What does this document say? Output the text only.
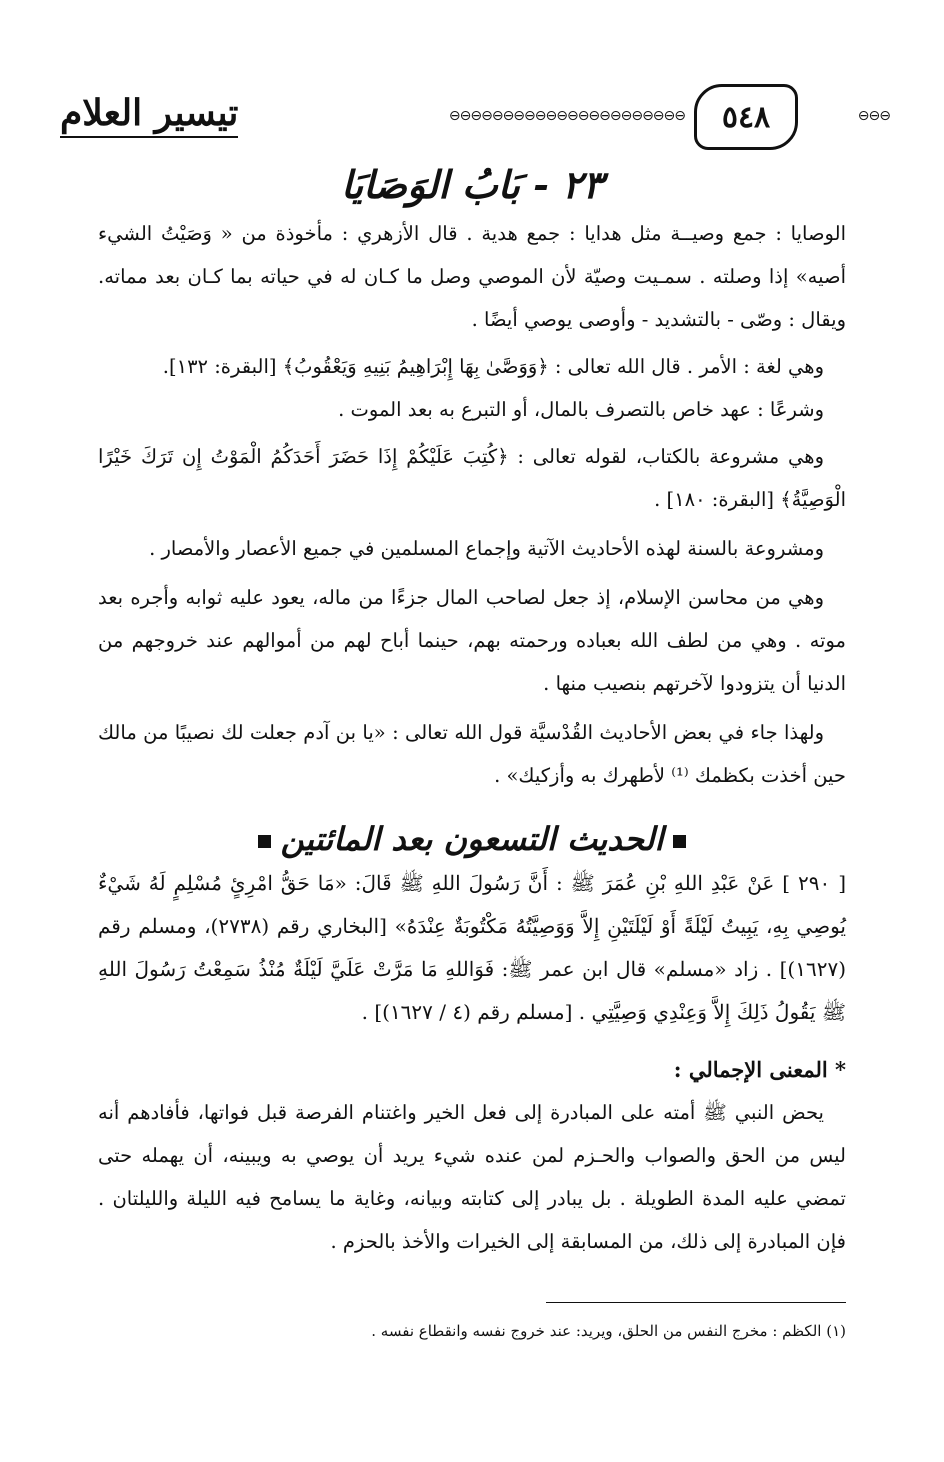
⊖⊖⊖
٥٤٨
⊖⊖⊖⊖⊖⊖⊖⊖⊖⊖⊖⊖⊖⊖⊖⊖⊖⊖⊖⊖⊖⊖
تيسير العلام
٢٣ - بَابُ الوَصَايَا

الوصايا : جمع وصيــة مثل هدايا : جمع هدية . قال الأزهري : مأخوذة من « وَصَيْتُ الشيء أصيه» إذا وصلته . سمـيت وصيّة لأن الموصي وصل ما كـان له في حياته بما كـان بعد مماته. ويقال : وصّى - بالتشديد - وأوصى يوصي أيضًا .

وهي لغة : الأمر . قال الله تعالى : ﴿وَوَصَّىٰ بِهَا إِبْرَاهِيمُ بَنِيهِ وَيَعْقُوبُ﴾ [البقرة: ١٣٢].

وشرعًا : عهد خاص بالتصرف بالمال، أو التبرع به بعد الموت .

وهي مشروعة بالكتاب، لقوله تعالى : ﴿كُتِبَ عَلَيْكُمْ إِذَا حَضَرَ أَحَدَكُمُ الْمَوْتُ إِن تَرَكَ خَيْرًا الْوَصِيَّةُ﴾ [البقرة: ١٨٠] .

ومشروعة بالسنة لهذه الأحاديث الآتية وإجماع المسلمين في جميع الأعصار والأمصار .

وهي من محاسن الإسلام، إذ جعل لصاحب المال جزءًا من ماله، يعود عليه ثوابه وأجره بعد موته . وهي من لطف الله بعباده ورحمته بهم، حينما أباح لهم من أموالهم عند خروجهم من الدنيا أن يتزودوا لآخرتهم بنصيب منها .

ولهذا جاء في بعض الأحاديث القُدْسيَّة قول الله تعالى : «يا بن آدم جعلت لك نصيبًا من مالك حين أخذت بكظمك ⁽¹⁾ لأطهرك به وأزكيك» .

الحديث التسعون بعد المائتين

[ ٢٩٠ ] عَنْ عَبْدِ اللهِ بْنِ عُمَرَ ﷺ : أَنَّ رَسُولَ اللهِ ﷺ قَالَ: «مَا حَقُّ امْرِئٍ مُسْلِمٍ لَهُ شَيْءٌ يُوصِي بِهِ، يَبِيتُ لَيْلَةً أَوْ لَيْلَتَيْنِ إِلاَّ وَوَصِيَّتُهُ مَكْتُوبَةٌ عِنْدَهُ» [البخاري رقم (٢٧٣٨)، ومسلم رقم (١٦٢٧)] . زاد «مسلم» قال ابن عمر ﷺ: فَوَاللهِ مَا مَرَّتْ عَلَيَّ لَيْلَةٌ مُنْذُ سَمِعْتُ رَسُولَ اللهِ ﷺ يَقُولُ ذَلِكَ إِلاَّ وَعِنْدِي وَصِيَّتِي . [مسلم رقم (٤ / ١٦٢٧)] .

* المعنى الإجمالي :

يحض النبي ﷺ أمته على المبادرة إلى فعل الخير واغتنام الفرصة قبل فواتها، فأفادهم أنه ليس من الحق والصواب والحـزم لمن عنده شيء يريد أن يوصي به ويبينه، أن يهمله حتى تمضي عليه المدة الطويلة . بل يبادر إلى كتابته وبيانه، وغاية ما يسامح فيه الليلة والليلتان . فإن المبادرة إلى ذلك، من المسابقة إلى الخيرات والأخذ بالحزم .

(١) الكظم : مخرج النفس من الحلق، ويريد: عند خروج نفسه وانقطاع نفسه .
